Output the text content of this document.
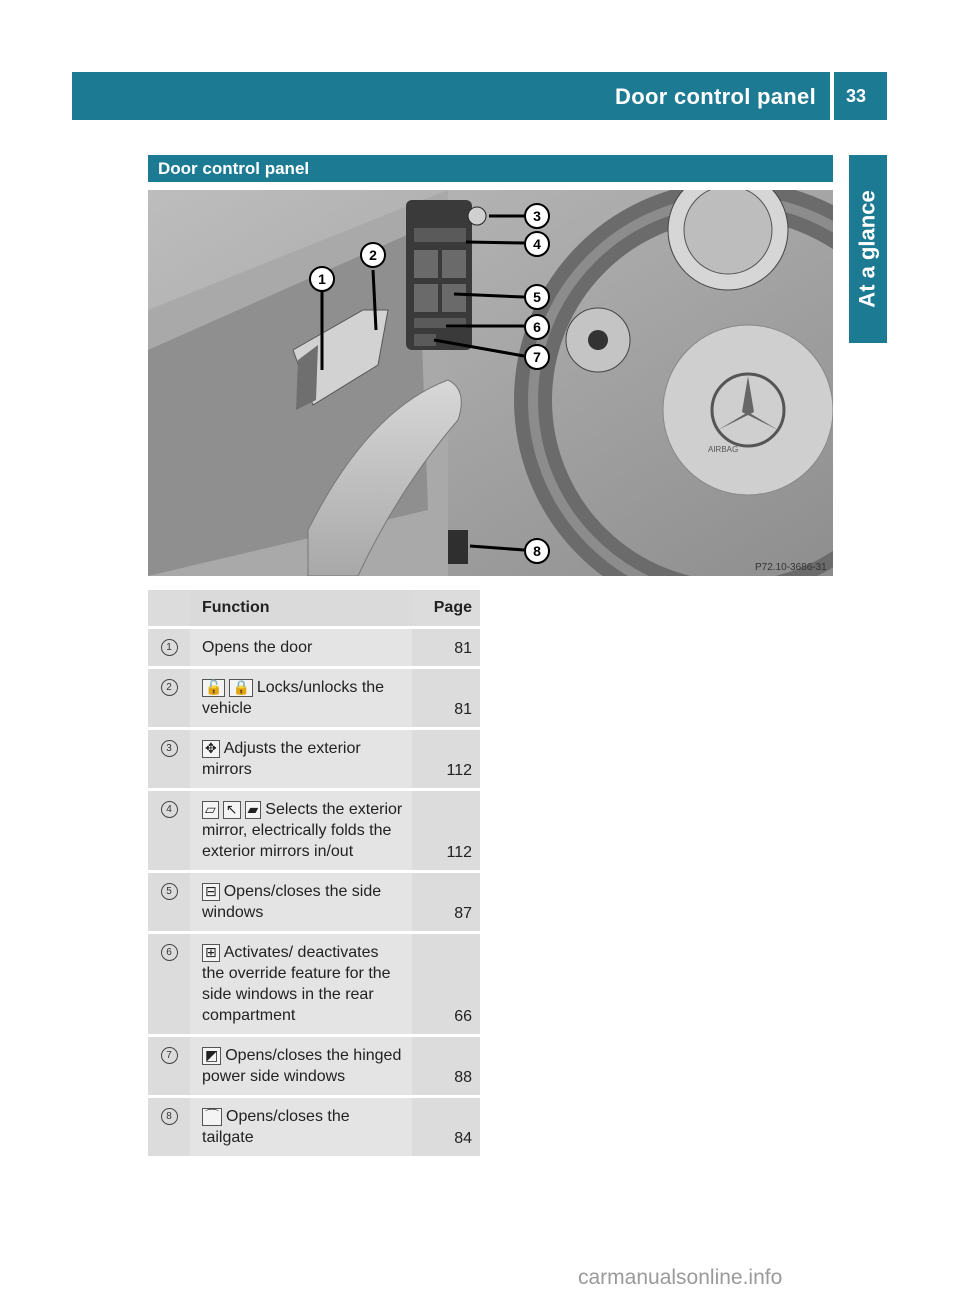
Door control panel 33
At a glance
Door control panel
AIRBAG
1
2
3
4
5
6
7
8
P72.10-3686-31
	Function	Page
1	Opens the door	81
2	🔓 🔒 Locks/unlocks the vehicle	81
3	✥ Adjusts the exterior mirrors	112
4	▱ ↖ ▰ Selects the exterior mirror, electrically folds the exterior mirrors in/out	112
5	⊟ Opens/closes the side windows	87
6	⊞ Activates/ deactivates the override feature for the side windows in the rear compartment	66
7	◩ Opens/closes the hinged power side windows	88
8	⌒ Opens/closes the tailgate	84
carmanualsonline.info
